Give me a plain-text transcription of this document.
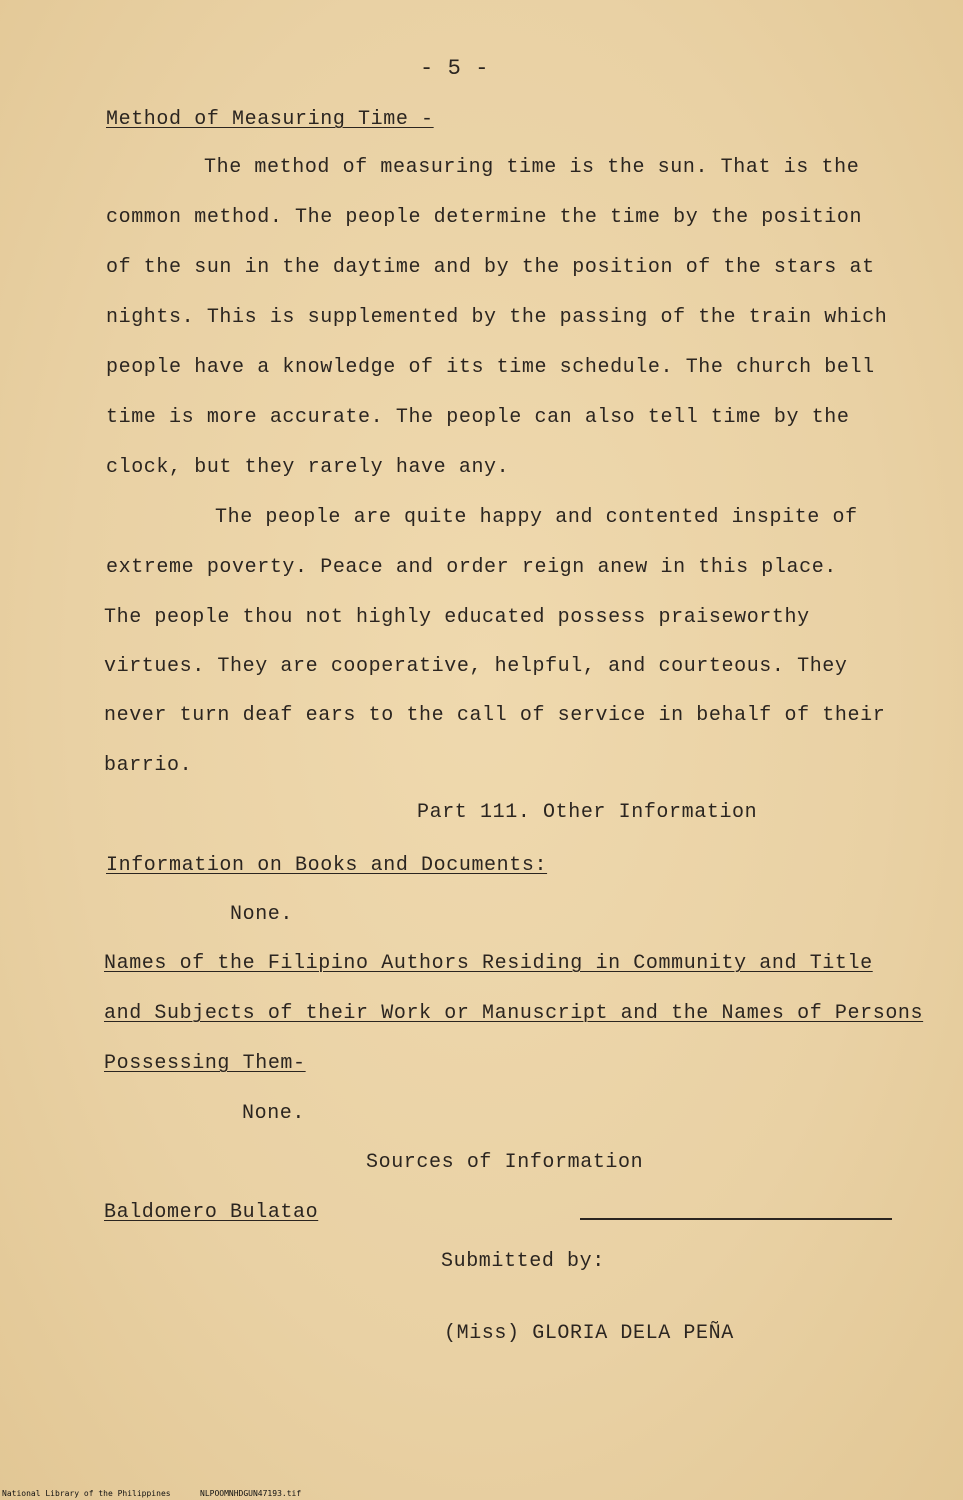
- 5 -
Method of Measuring Time -
The method of measuring time is the sun. That is the
common method. The people determine the time by the position
of the sun in the daytime and by the position of the stars at
nights. This is supplemented by the passing of the train which
people have a knowledge of its time schedule. The church bell
time is more accurate. The people can also tell time by the
clock, but they rarely have any.
The people are quite happy and contented inspite of
extreme poverty. Peace and order reign anew in this place.
The people thou not highly educated possess praiseworthy
virtues. They are cooperative, helpful, and courteous. They
never turn deaf ears to the call of service in behalf of their
barrio.
Part 111. Other Information
Information on Books and Documents:
None.
Names of the Filipino Authors Residing in Community and Title
and Subjects of their Work or Manuscript and the Names of Persons
Possessing Them-
None.
Sources of Information
Baldomero Bulatao
Submitted by:
(Miss) GLORIA DELA PEÑA
National Library of the Philippines	NLPOOMNHDGUN47193.tif
